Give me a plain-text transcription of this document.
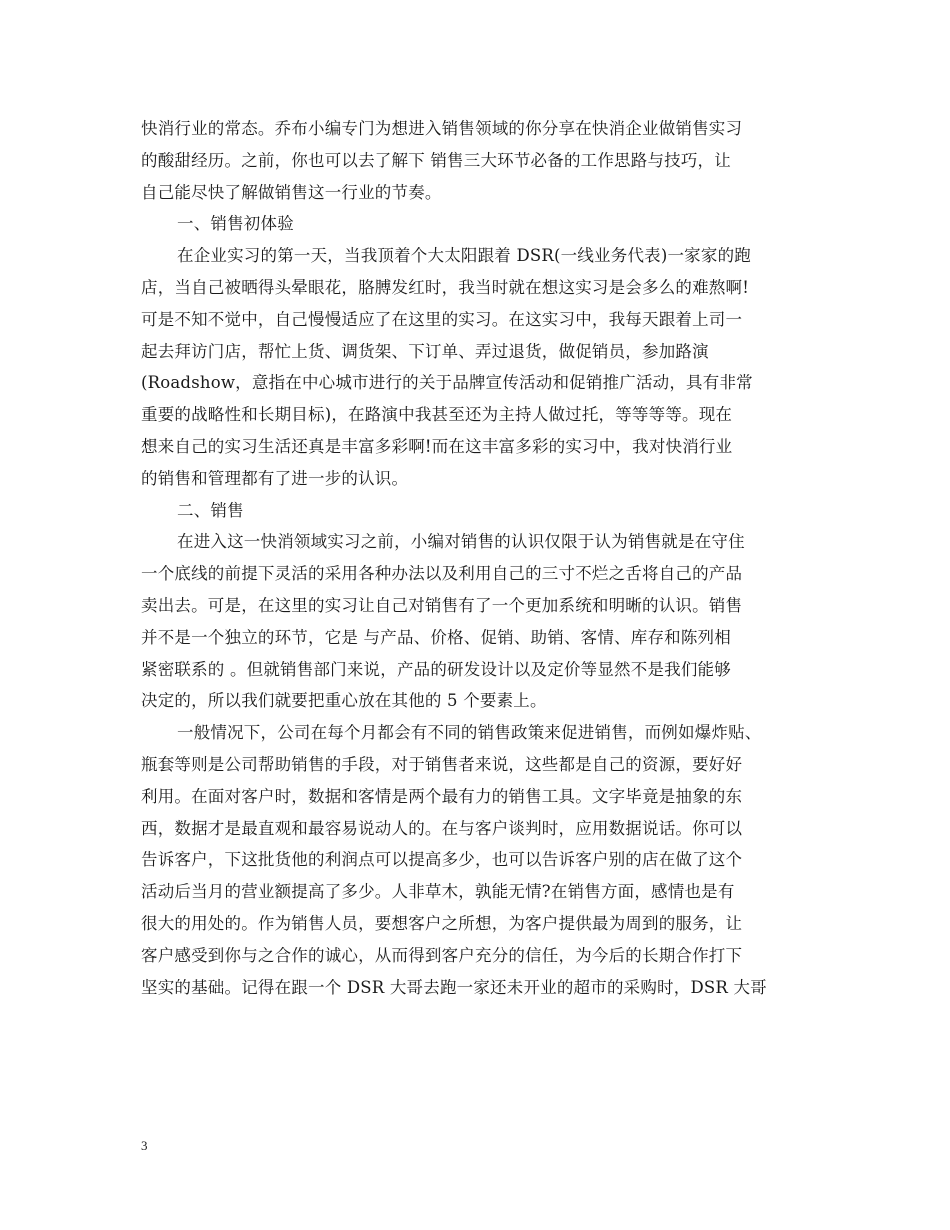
快消行业的常态。乔布小编专门为想进入销售领域的你分享在快消企业做销售实习
的酸甜经历。之前，你也可以去了解下 销售三大环节必备的工作思路与技巧，让
自己能尽快了解做销售这一行业的节奏。
一、销售初体验
在企业实习的第一天，当我顶着个大太阳跟着 DSR(一线业务代表)一家家的跑
店，当自己被晒得头晕眼花，胳膊发红时，我当时就在想这实习是会多么的难熬啊!
可是不知不觉中，自己慢慢适应了在这里的实习。在这实习中，我每天跟着上司一
起去拜访门店，帮忙上货、调货架、下订单、弄过退货，做促销员，参加路演
(Roadshow，意指在中心城市进行的关于品牌宣传活动和促销推广活动，具有非常
重要的战略性和长期目标)，在路演中我甚至还为主持人做过托，等等等等。现在
想来自己的实习生活还真是丰富多彩啊!而在这丰富多彩的实习中，我对快消行业
的销售和管理都有了进一步的认识。
二、销售
在进入这一快消领域实习之前，小编对销售的认识仅限于认为销售就是在守住
一个底线的前提下灵活的采用各种办法以及利用自己的三寸不烂之舌将自己的产品
卖出去。可是，在这里的实习让自己对销售有了一个更加系统和明晰的认识。销售
并不是一个独立的环节，它是 与产品、价格、促销、助销、客情、库存和陈列相
紧密联系的 。但就销售部门来说，产品的研发设计以及定价等显然不是我们能够
决定的，所以我们就要把重心放在其他的 5 个要素上。
一般情况下，公司在每个月都会有不同的销售政策来促进销售，而例如爆炸贴、
瓶套等则是公司帮助销售的手段，对于销售者来说，这些都是自己的资源，要好好
利用。在面对客户时，数据和客情是两个最有力的销售工具。文字毕竟是抽象的东
西，数据才是最直观和最容易说动人的。在与客户谈判时，应用数据说话。你可以
告诉客户，下这批货他的利润点可以提高多少，也可以告诉客户别的店在做了这个
活动后当月的营业额提高了多少。人非草木，孰能无情?在销售方面，感情也是有
很大的用处的。作为销售人员，要想客户之所想，为客户提供最为周到的服务，让
客户感受到你与之合作的诚心，从而得到客户充分的信任，为今后的长期合作打下
坚实的基础。记得在跟一个 DSR 大哥去跑一家还未开业的超市的采购时，DSR 大哥
3
